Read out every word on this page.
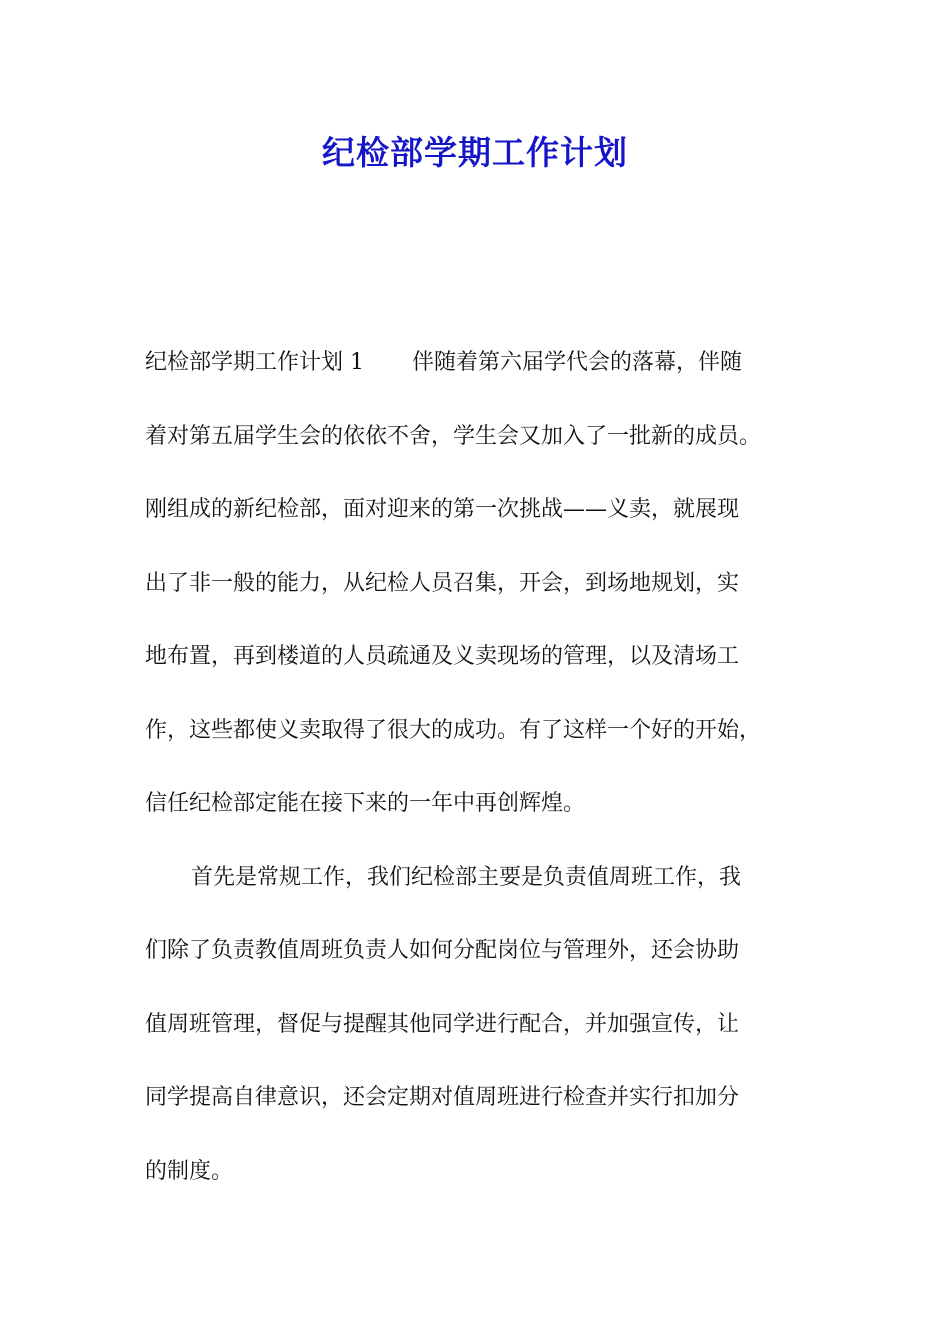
纪检部学期工作计划
纪检部学期工作计划 1 伴随着第六届学代会的落幕，伴随
着对第五届学生会的依依不舍，学生会又加入了一批新的成员。
刚组成的新纪检部，面对迎来的第一次挑战——义卖，就展现
出了非一般的能力，从纪检人员召集，开会，到场地规划，实
地布置，再到楼道的人员疏通及义卖现场的管理，以及清场工
作，这些都使义卖取得了很大的成功。有了这样一个好的开始，
信任纪检部定能在接下来的一年中再创辉煌。
首先是常规工作，我们纪检部主要是负责值周班工作，我
们除了负责教值周班负责人如何分配岗位与管理外，还会协助
值周班管理，督促与提醒其他同学进行配合，并加强宣传，让
同学提高自律意识，还会定期对值周班进行检查并实行扣加分
的制度。
